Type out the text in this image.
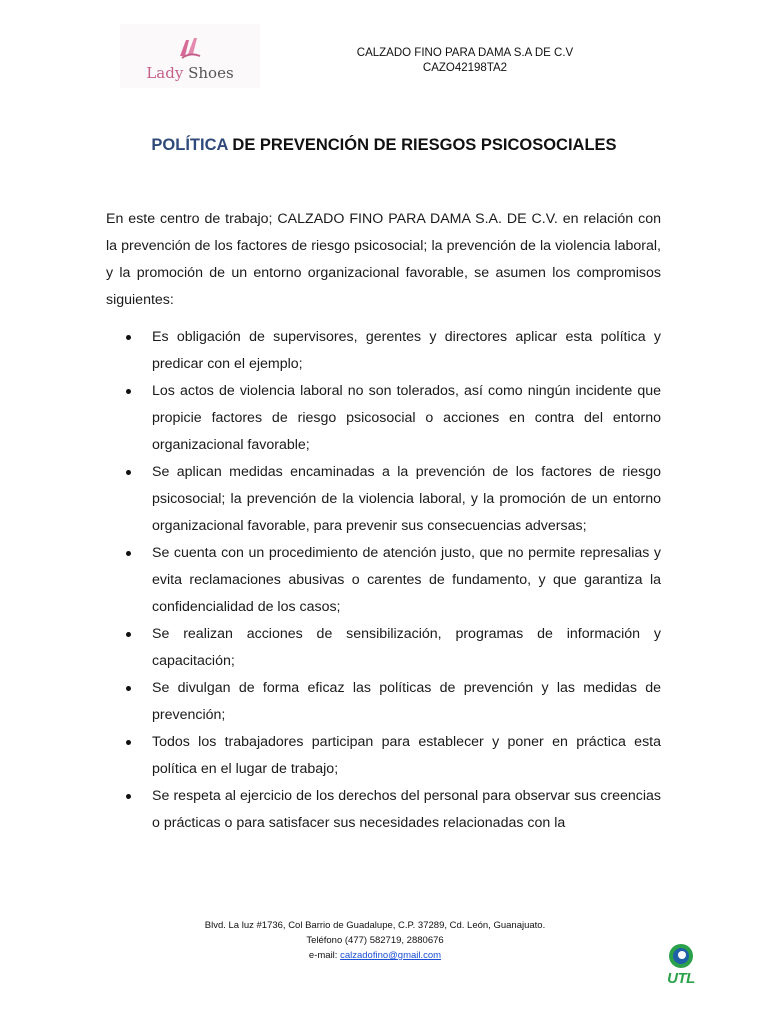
Lady Shoes
CALZADO FINO PARA DAMA S.A DE C.V
CAZO42198TA2
POLÍTICA DE PREVENCIÓN DE RIESGOS PSICOSOCIALES

En este centro de trabajo; CALZADO FINO PARA DAMA S.A. DE C.V. en relación con la prevención de los factores de riesgo psicosocial; la prevención de la violencia laboral, y la promoción de un entorno organizacional favorable, se asumen los compromisos siguientes:

Es obligación de supervisores, gerentes y directores aplicar esta política y predicar con el ejemplo;
Los actos de violencia laboral no son tolerados, así como ningún incidente que propicie factores de riesgo psicosocial o acciones en contra del entorno organizacional favorable;
Se aplican medidas encaminadas a la prevención de los factores de riesgo psicosocial; la prevención de la violencia laboral, y la promoción de un entorno organizacional favorable, para prevenir sus consecuencias adversas;
Se cuenta con un procedimiento de atención justo, que no permite represalias y evita reclamaciones abusivas o carentes de fundamento, y que garantiza la confidencialidad de los casos;
Se realizan acciones de sensibilización, programas de información y capacitación;
Se divulgan de forma eficaz las políticas de prevención y las medidas de prevención;
Todos los trabajadores participan para establecer y poner en práctica esta política en el lugar de trabajo;
Se respeta al ejercicio de los derechos del personal para observar sus creencias o prácticas o para satisfacer sus necesidades relacionadas con la
Blvd. La luz #1736, Col Barrio de Guadalupe, C.P. 37289, Cd. León, Guanajuato.
Teléfono (477) 582719, 2880676
e-mail: calzadofino@gmail.com
UTL
